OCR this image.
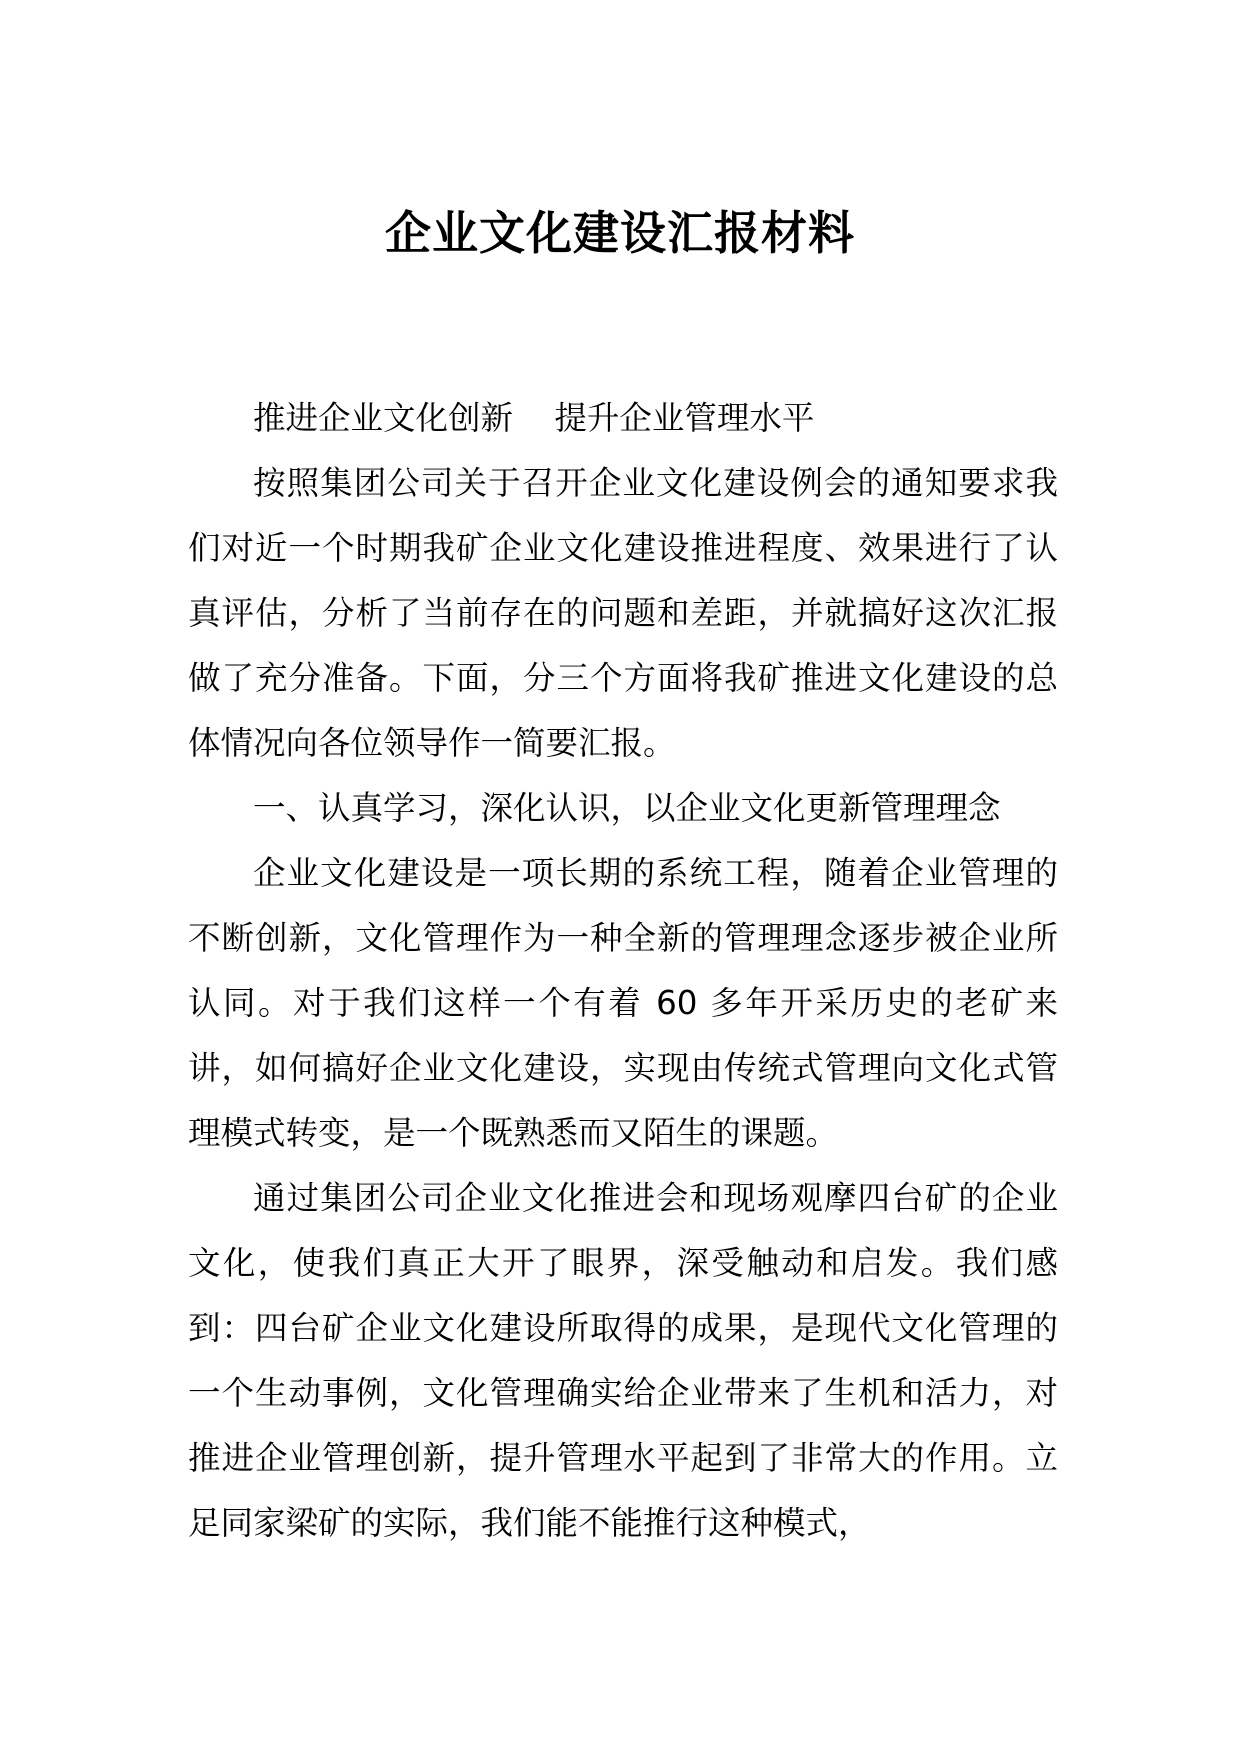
企业文化建设汇报材料

推进企业文化创新    提升企业管理水平

按照集团公司关于召开企业文化建设例会的通知要求我们对近一个时期我矿企业文化建设推进程度、效果进行了认真评估，分析了当前存在的问题和差距，并就搞好这次汇报做了充分准备。下面，分三个方面将我矿推进文化建设的总体情况向各位领导作一简要汇报。

一、认真学习，深化认识，以企业文化更新管理理念

企业文化建设是一项长期的系统工程，随着企业管理的不断创新，文化管理作为一种全新的管理理念逐步被企业所认同。对于我们这样一个有着 60 多年开采历史的老矿来讲，如何搞好企业文化建设，实现由传统式管理向文化式管理模式转变，是一个既熟悉而又陌生的课题。

通过集团公司企业文化推进会和现场观摩四台矿的企业文化，使我们真正大开了眼界，深受触动和启发。我们感到：四台矿企业文化建设所取得的成果，是现代文化管理的一个生动事例，文化管理确实给企业带来了生机和活力，对推进企业管理创新，提升管理水平起到了非常大的作用。立足同家梁矿的实际，我们能不能推行这种模式，
